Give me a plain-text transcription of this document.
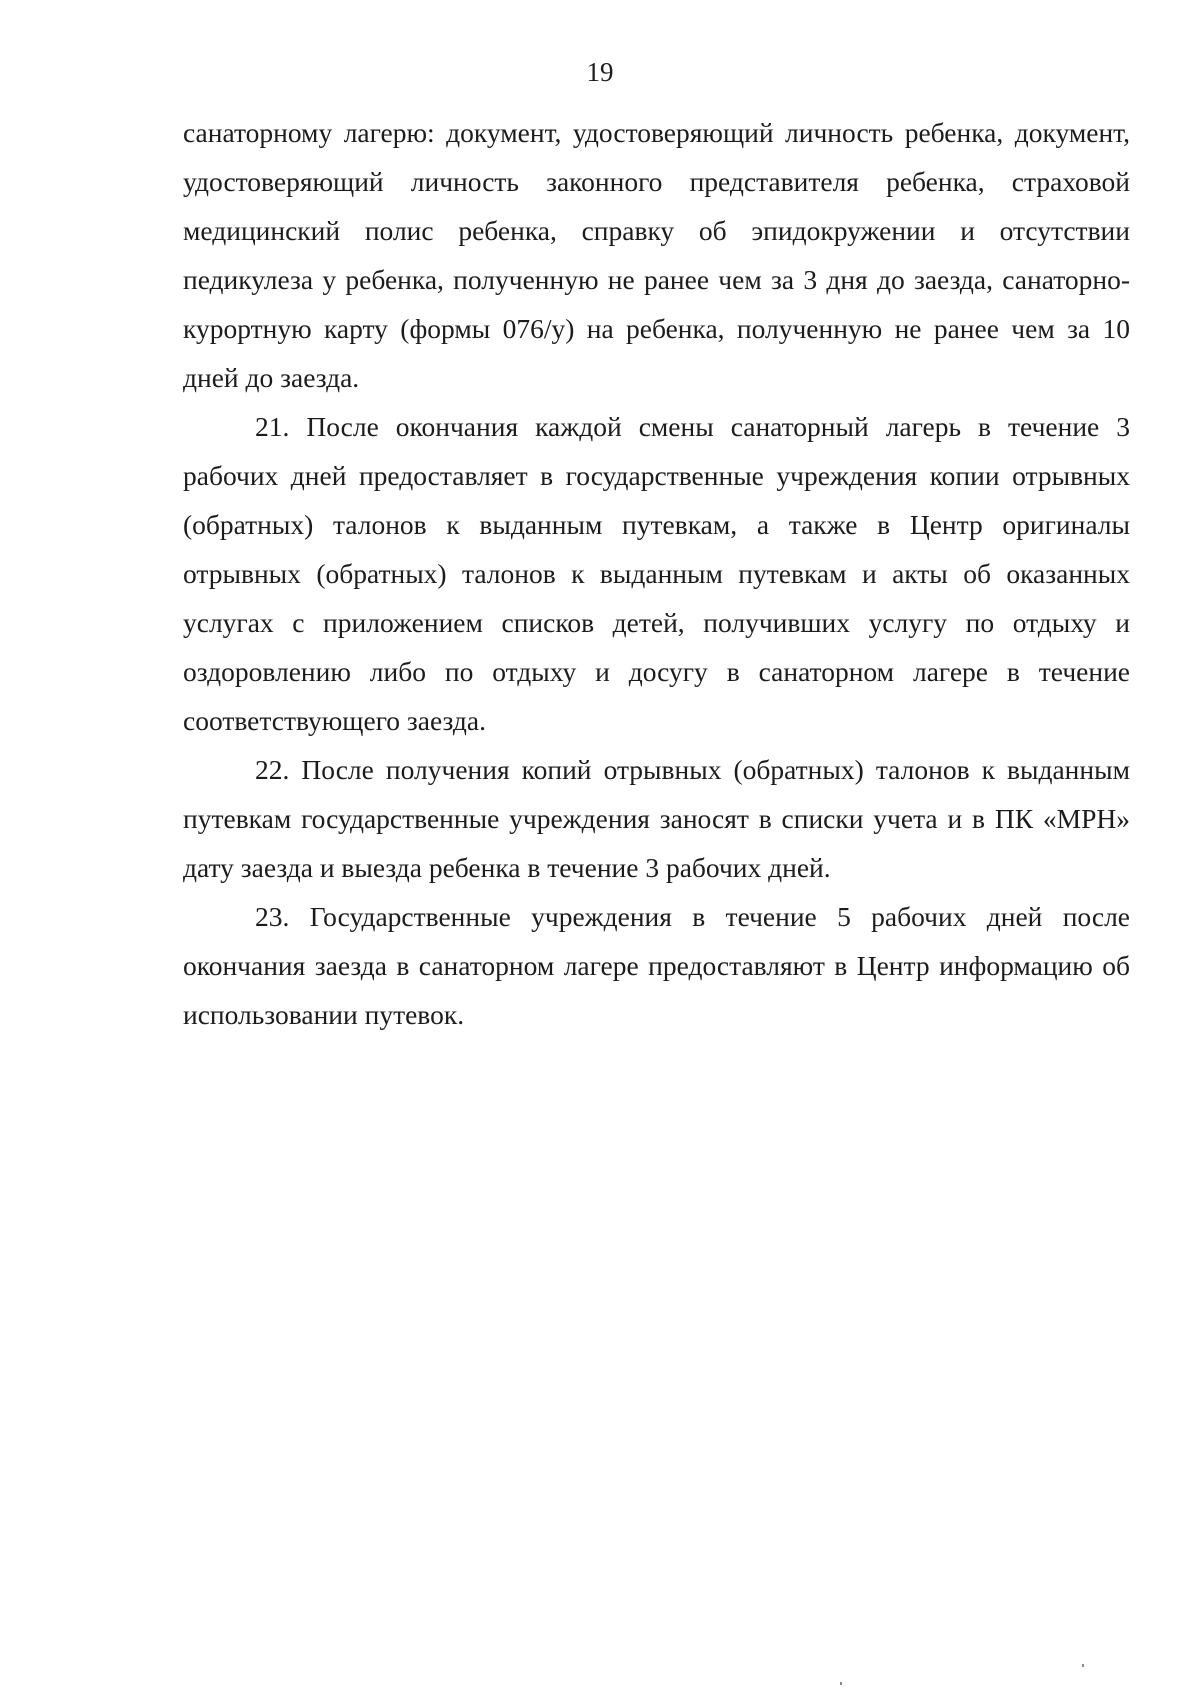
19

санаторному лагерю: документ, удостоверяющий личность ребенка, документ, удостоверяющий личность законного представителя ребенка, страховой медицинский полис ребенка, справку об эпидокружении и отсутствии педикулеза у ребенка, полученную не ранее чем за 3 дня до заезда, санаторно-курортную карту (формы 076/у) на ребенка, полученную не ранее чем за 10 дней до заезда.

21. После окончания каждой смены санаторный лагерь в течение 3 рабочих дней предоставляет в государственные учреждения копии отрывных (обратных) талонов к выданным путевкам, а также в Центр оригиналы отрывных (обратных) талонов к выданным путевкам и акты об оказанных услугах с приложением списков детей, получивших услугу по отдыху и оздоровлению либо по отдыху и досугу в санаторном лагере в течение соответствующего заезда.

22. После получения копий отрывных (обратных) талонов к выданным путевкам государственные учреждения заносят в списки учета и в ПК «МРН» дату заезда и выезда ребенка в течение 3 рабочих дней.

23. Государственные учреждения в течение 5 рабочих дней после окончания заезда в санаторном лагере предоставляют в Центр информацию об использовании путевок.
